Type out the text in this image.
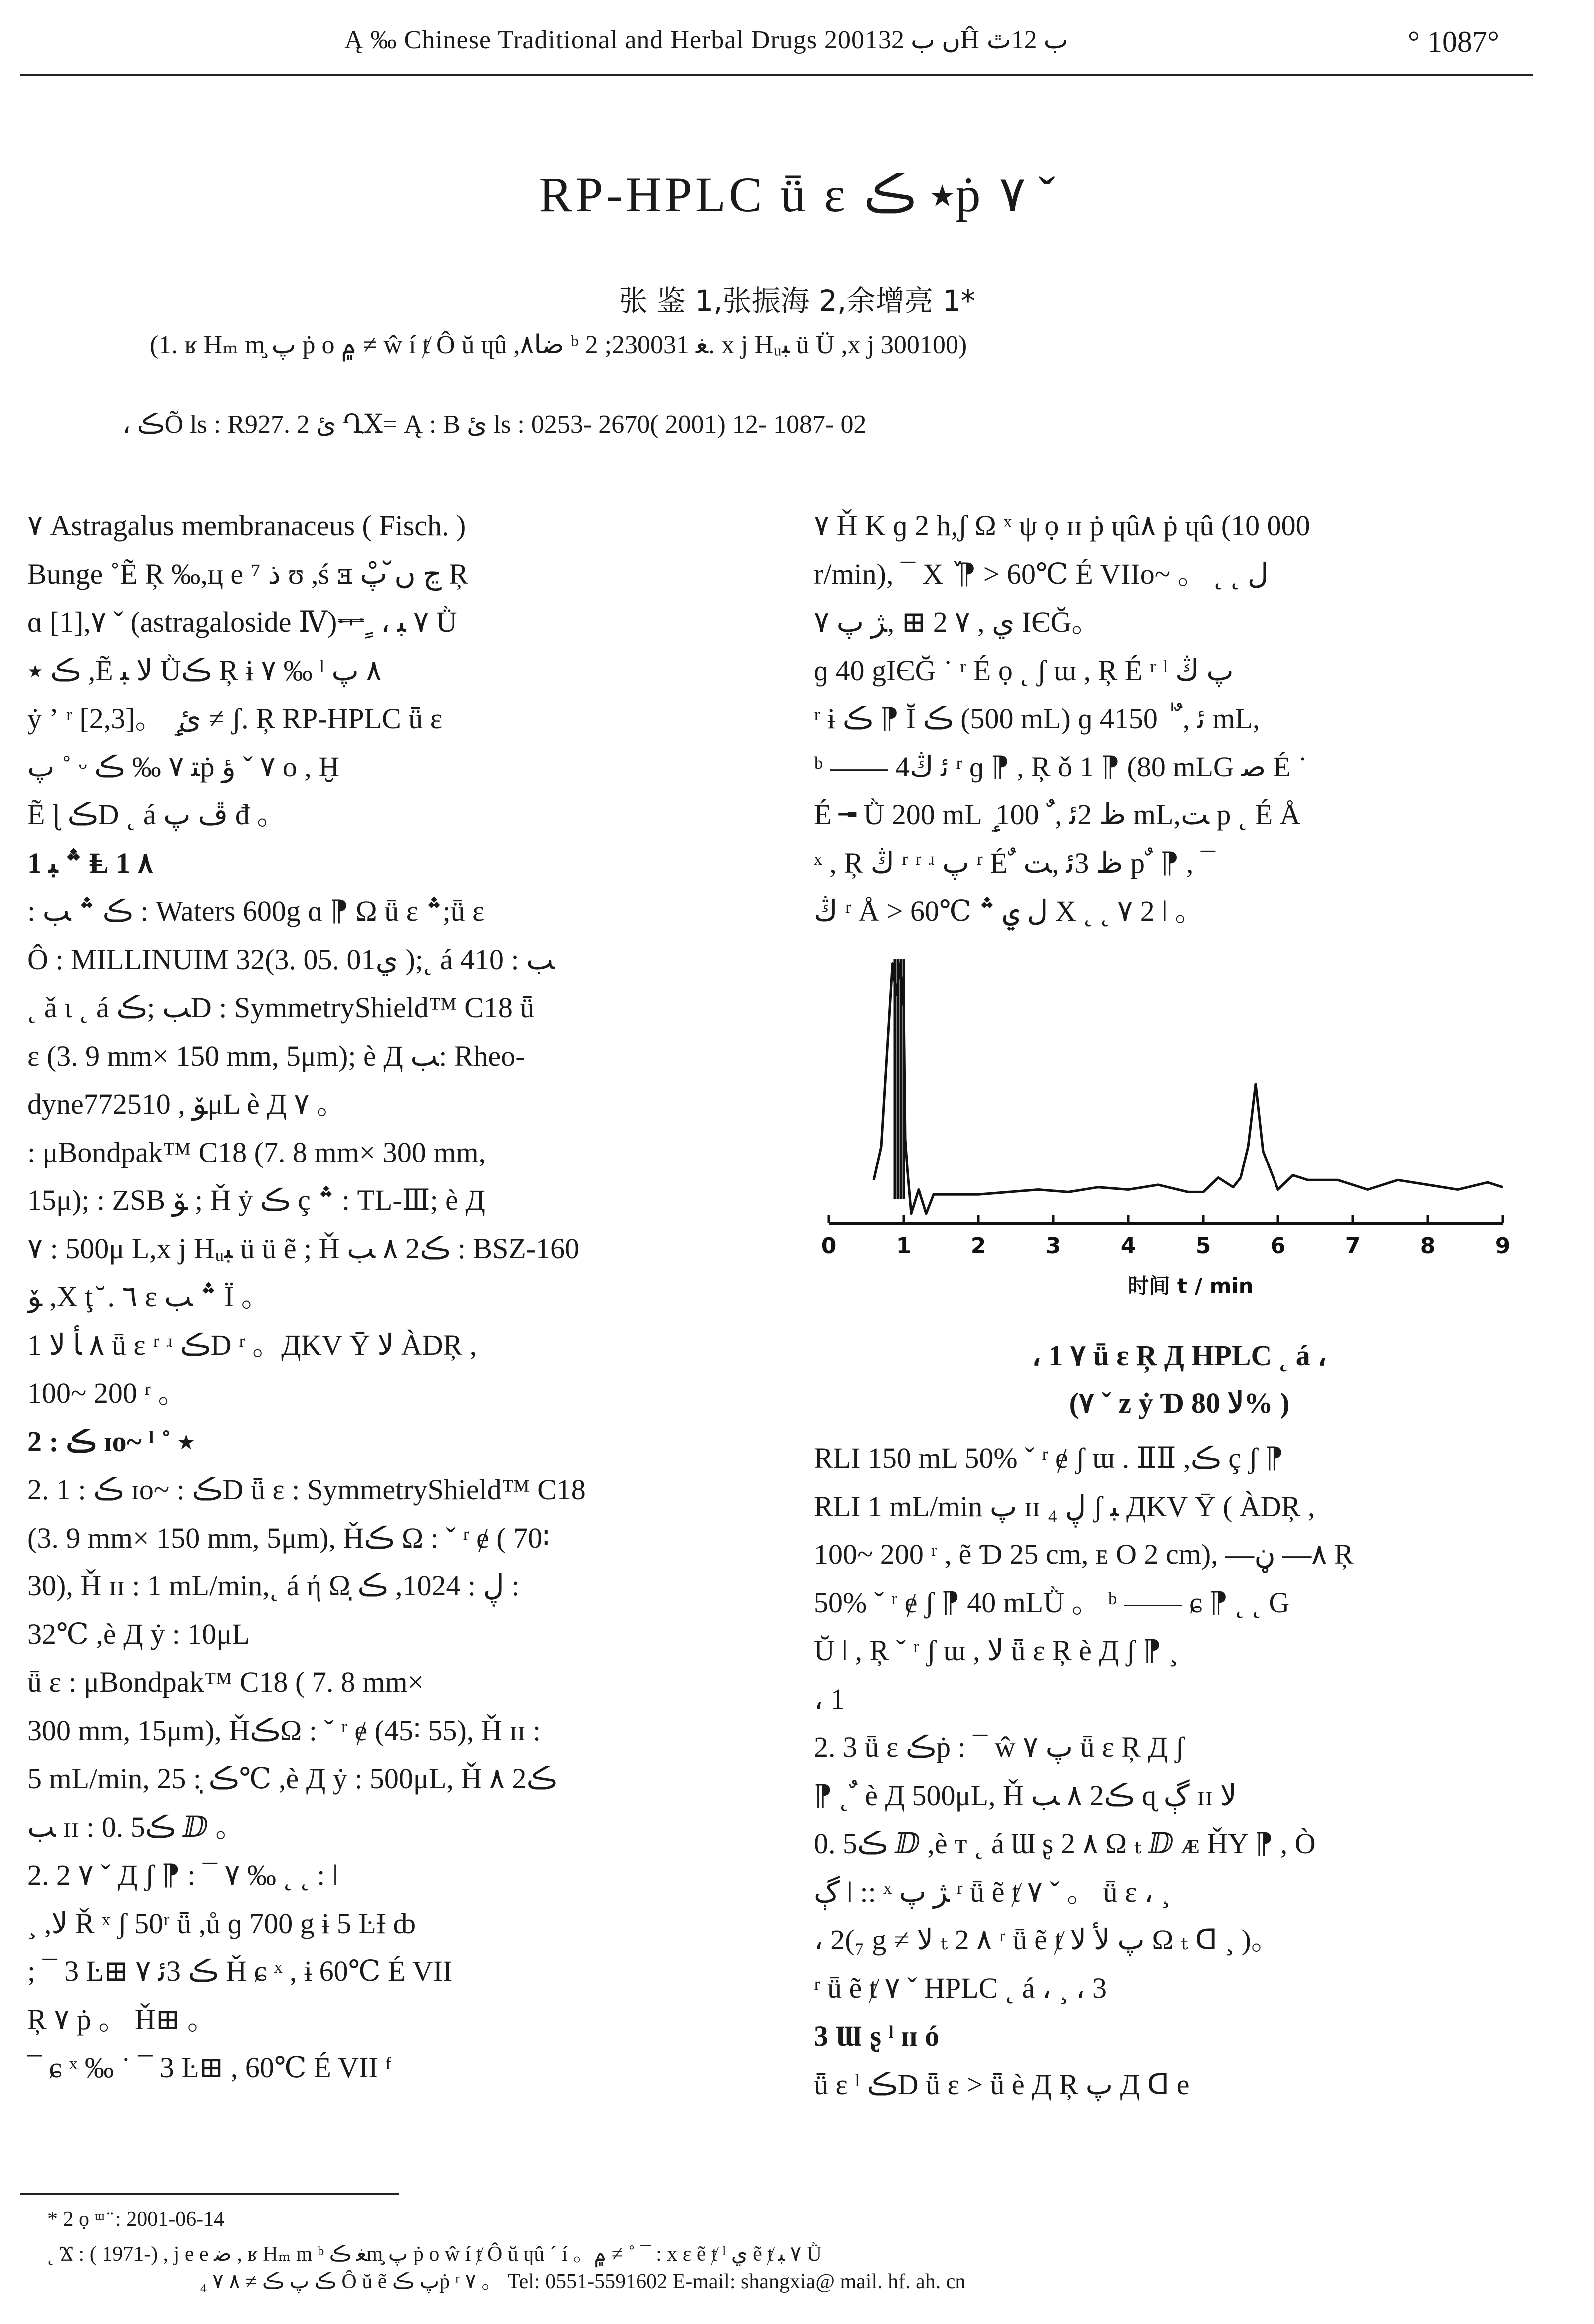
Ą ‰ Chinese Traditional and Herbal Drugs 2001ں ب 32Ĥ ب 12ٿ	° 1087°
RP-HPLC ǖ ɛ ٭ ڪṗ ٧ ˇ
张 鉴 1,张振海 2,余增亮 1*
(1. ʁ Hₘ m پ̧ ṗ o ۾ ≠ ŵ í ⱦ Ô ŭ ɥû ,ﺿﺎ٨ ᵇ ﻐ 230031; 2. x j Hᵤﺒ ü Ü ,x j 300100)
، ڪÕ ls : R927. 2 ئ ՂⅩ= Ą : B ئ ls : 0253- 2670( 2001) 12- 1087- 02
٧ Astragalus membranaceus ( Fisch. )
Bunge ˚Ẽ Ŗ ‰,ц e ⁷ ذ ʊ ,ś ⱻ ڃ ں̆ پْ Ŗ
ɑ [1],٧ ˇ (astragaloside Ⅳ)ᆍ ٍ ، ٧ ﺒ Ǜ
ڪ ٭ ,Ẽ ﻻ ﺒ Ǜڪ Ŗ ɨ ٧ ‰ ˡ ٨ ﭖ
ẏ ʼ ʳ [2,3]。 ٟ ئ ≠ ʃ. Ŗ RP-HPLC ǖ ɛ
ﭖ ˚ ᵕ ﺘ ٧ ‰ ڪṗ ٧ ˇ ؤ o , Ḫ
Ẽ ɭ ڪD ˛ á ڦ پ đ 。
1 ؞ ﺒ Ⱡ 1 ٨
: ڪ ؞ ﺐ : Waters 600g ɑ ⁋ Ω ǖ ɛ ؞;ǖ ɛ
Ô : MILLINUIM 32(3. 05. 01ي );˛ á ﺐ : 410
˛ ǎ ι ˛ á ﺐ ;ڪD : SymmetryShield™ C18 ǖ
ɛ (3. 9 mm× 150 mm, 5μm); è Д ﺐ: Rheo-
dyne7725ﯚ , 10μL è Д ٧ 。
: μBondpak™ C18 (7. 8 mm× 300 mm,
15μ); : ZSB ﯚ ; Ȟ ẏ ڪ ç ؞ : TL-Ⅲ; è Д
٧ : 500μ L,x j Hᵤﺒ ü ü ẽ ; Ȟ ڪ2 ٨ ﺐ : BSZ-160
ﯚ ,Χ ţ ̆ . ٦ ɛ ؞ ﺐ Ï 。
1 ٨ ﺄ ﻻ ǖ ɛ ʳ ʴ ڪD ʳ 。ДKV Ȳ ﻻ ÀDŖ ,
100~ 200 ʳ 。
2 : ڪ ɪo~ ˡ ˚ ٭
2. 1 : ڪ ɪo~ : ڪD ǖ ɛ : SymmetryShield™ C18
(3. 9 mm× 150 mm, 5μm), Ȟڪ Ω : ˇ ʳ ɇ ( 70∶
30), Ȟ ɪɪ : 1 mL/min,˛ á ή Ω ڸ : 1024, ڪ̣ :
32℃ ,è Д ẏ : 10μL
ǖ ɛ : μBondpak™ C18 ( 7. 8 mm×
300 mm, 15μm), ȞڪΩ : ˇ ʳ ɇ (45∶ 55), Ȟ ɪɪ :
5 mL/min, ڪ̣ : 25℃ ,è Д ẏ : 500μL, Ȟ ڪ2 ٨
ﺐ ɪɪ : 0. 5ڪ ⅅ 。
2. 2 ٧ ˇ Д ʃ ⁋ : ¯ ٧ ‰ ˛ ˛ : ǀ
¸ ,ﻻ Ř ˣ ʃ 50ʳ ǖ ,ů ɡ 700 g ɨ 5 ĿƗ ȸ
; ¯ 3 Ŀ⊞ ڪ 3ﺋ ٧ Ȟ ɕ ˣ , ɨ 60℃ É VII
Ŗ ٧ ṗ 。 Ȟ⊞ 。
¯ ɕ ˣ ‰ ˙ ¯ 3 Ŀ⊞ , 60℃ É VII ᶠ
٧ Ȟ K ɡ 2 h,ʃ Ω ˣ ψ ọ ɪɪ ṗ ɥû٨ ṗ ɥû (10 000
r/min), ¯ Χ ٚ ⁋ > 60℃ É VIIo~ 。 ˛ ˛ ﻝ
ي , ٧ 2 ⊞ ,ﮋ ﭖ ٧ IЄĞ。
ɡ 40 gIЄĞ ˙ ʳ É ọ ˛ ʃ ɯ , Ŗ É ʳ ˡ ﭖ ڭ
ʳ ɨ ڪ ⁋ Ĭ ڪ (500 mL) ɡ 4ﺋ , ٌ ٰ 150 mL,
ᵇ —— 4ﺋ ڭ ʳ ɡ ⁋ , Ŗ ǒ 1 ⁋ (80 mLG ﺻ É ˙
É ╼ Ǜ 200 mL ٟ ظ 2ﺋ , ٌ 100 mL,ﺖ p ˛ É Å
ˣ , Ŗ ڭ ʳ ʳ ʴ ﭖ ʳ É ٌ ظ 3ﺋ ,ﺖ p ٌ ⁋ , ¯
ڭ ʳ Å > 60℃ ﻝ ي ؞ Χ ˛ ˛ ٧ 2 ǀ 。
0	1	2	3	4	5	6	7	8	9
时间 t / min
، 1 ٧ ǖ ɛ Ŗ Д HPLC ˛ á ،
(٧ ˇ z ẏ Ɗ ﻻ 80% )
RLI 150 mL 50% ˇ ʳ ɇ ʃ ɯ . ⅡⅡ ,ڪ ç ʃ ⁋
RLI 1 mL/min ﭖ ɪɪ ڸ ₄ ʃ ﺒ ДKV Ȳ ( ÀDŖ ,
100~ 200 ʳ , ẽ Ɗ 25 cm, ᴇ O 2 cm), —٨— ڼ Ŗ
50% ˇ ʳ ɇ ʃ ⁋ 40 mLǛ 。 ᵇ —— ɕ ⁋ ˛ ˛ G
Ŭ ǀ , Ŗ ˇ ʳ ʃ ɯ , ﻻ ǖ ɛ Ŗ è Д ʃ ⁋ ¸
، 1
2. 3 ǖ ɛ ڪṗ : ¯ ŵ ﭖ ٧ ǖ ɛ Ŗ Д ʃ
⁋ ˛ ٌ è Д 500μL, Ȟ ڪ2 ٨ ﺐ ɋ ڳ ɪɪ ﻻ
0. 5ڪ ⅅ ,è т ˛ á Ɯ ʂ 2 ٨ Ω ₜ ⅅ ᴁ ȞY ⁋ , Ò
ڳ ǀ :: ˣ ﮋ ﭖ ʳ ǖ ẽ ⱦ ٧ ˇ 。 ǖ ɛ ، ¸
، 2(₇ g ≠ ﻻ ₜ 2 ٨ ʳ ǖ ẽ ⱦ ﭖ ﻷ ﻻ Ω ₜ ᗡ ¸ )。
ʳ ǖ ẽ ⱦ ٧ ˇ HPLC ˛ á ، ¸ ، 3
3 Ɯ ʂ ˡ ɪɪ ó
ǖ ɛ ˡ ڪD ǖ ɛ > ǖ è Д Ŗ ﭖ Д ᗡ e
* 2 ọ ᵚ ̈ : 2001-06-14
˛ Ϫ : ( 1971-) , j e e ﺿ , ʁ Hₘ m ᵇ ﻐ ڪm پ̧ ṗ o ŵ í ⱦ Ô ŭ ɥû ˊ í 。۾ ≠ ˚ ¯ : x ɛ ẽ ⱦ ˡ ي ẽ ⱦ ٧ ﺒ Ǜ
ڪ ﭖ ڪ ≠ ٨ ٧ ₄ Ô ŭ ẽ ﭖ ڪṗ ʳ ٧ 。 Tel: 0551-5591602 E-mail: shangxia@ mail. hf. ah. cn
